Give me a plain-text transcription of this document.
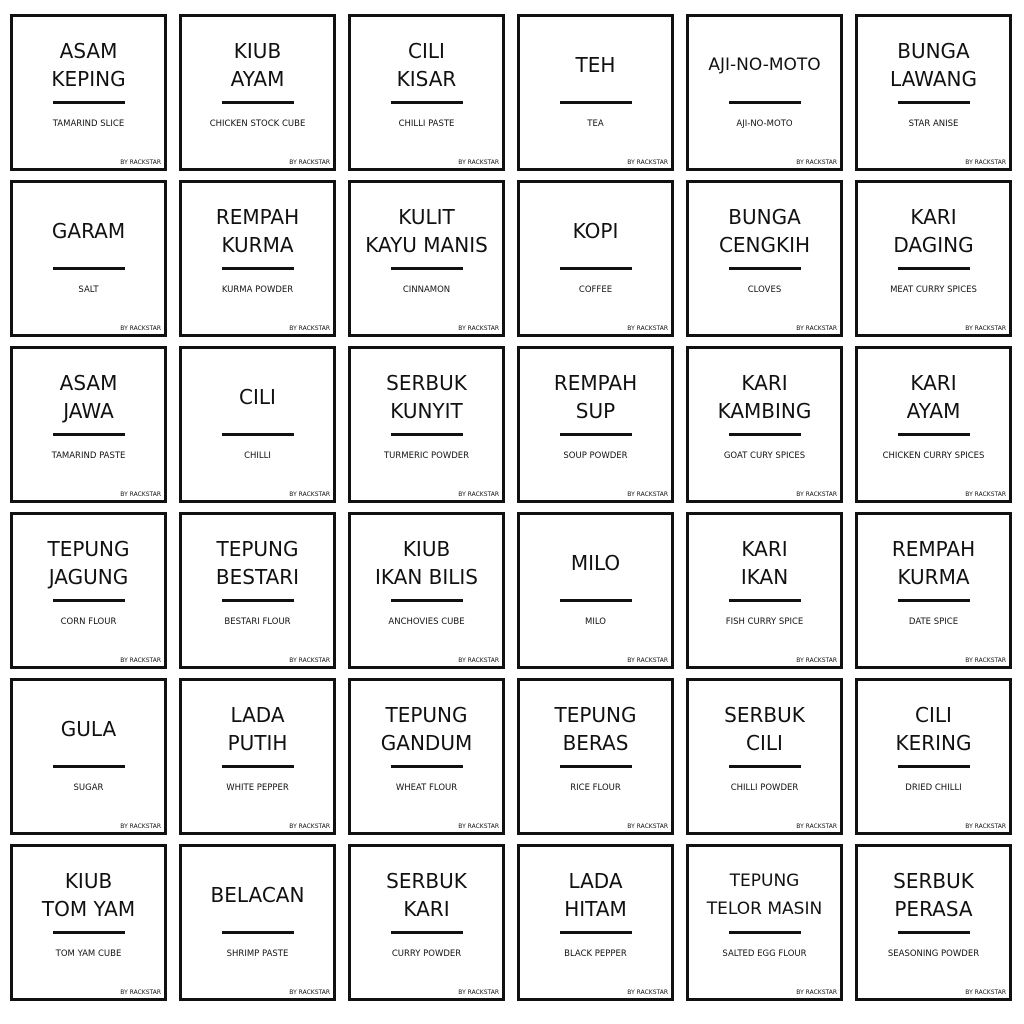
ASAM
KEPING
TAMARIND SLICE
BY RACKSTAR
KIUB
AYAM
CHICKEN STOCK CUBE
BY RACKSTAR
CILI
KISAR
CHILLI PASTE
BY RACKSTAR
TEH
TEA
BY RACKSTAR
AJI-NO-MOTO
AJI-NO-MOTO
BY RACKSTAR
BUNGA
LAWANG
STAR ANISE
BY RACKSTAR
GARAM
SALT
BY RACKSTAR
REMPAH
KURMA
KURMA POWDER
BY RACKSTAR
KULIT
KAYU MANIS
CINNAMON
BY RACKSTAR
KOPI
COFFEE
BY RACKSTAR
BUNGA
CENGKIH
CLOVES
BY RACKSTAR
KARI
DAGING
MEAT CURRY SPICES
BY RACKSTAR
ASAM
JAWA
TAMARIND PASTE
BY RACKSTAR
CILI
CHILLI
BY RACKSTAR
SERBUK
KUNYIT
TURMERIC POWDER
BY RACKSTAR
REMPAH
SUP
SOUP POWDER
BY RACKSTAR
KARI
KAMBING
GOAT CURY SPICES
BY RACKSTAR
KARI
AYAM
CHICKEN CURRY SPICES
BY RACKSTAR
TEPUNG
JAGUNG
CORN FLOUR
BY RACKSTAR
TEPUNG
BESTARI
BESTARI FLOUR
BY RACKSTAR
KIUB
IKAN BILIS
ANCHOVIES CUBE
BY RACKSTAR
MILO
MILO
BY RACKSTAR
KARI
IKAN
FISH CURRY SPICE
BY RACKSTAR
REMPAH
KURMA
DATE SPICE
BY RACKSTAR
GULA
SUGAR
BY RACKSTAR
LADA
PUTIH
WHITE PEPPER
BY RACKSTAR
TEPUNG
GANDUM
WHEAT FLOUR
BY RACKSTAR
TEPUNG
BERAS
RICE FLOUR
BY RACKSTAR
SERBUK
CILI
CHILLI POWDER
BY RACKSTAR
CILI
KERING
DRIED CHILLI
BY RACKSTAR
KIUB
TOM YAM
TOM YAM CUBE
BY RACKSTAR
BELACAN
SHRIMP PASTE
BY RACKSTAR
SERBUK
KARI
CURRY POWDER
BY RACKSTAR
LADA
HITAM
BLACK PEPPER
BY RACKSTAR
TEPUNG
TELOR MASIN
SALTED EGG FLOUR
BY RACKSTAR
SERBUK
PERASA
SEASONING POWDER
BY RACKSTAR
